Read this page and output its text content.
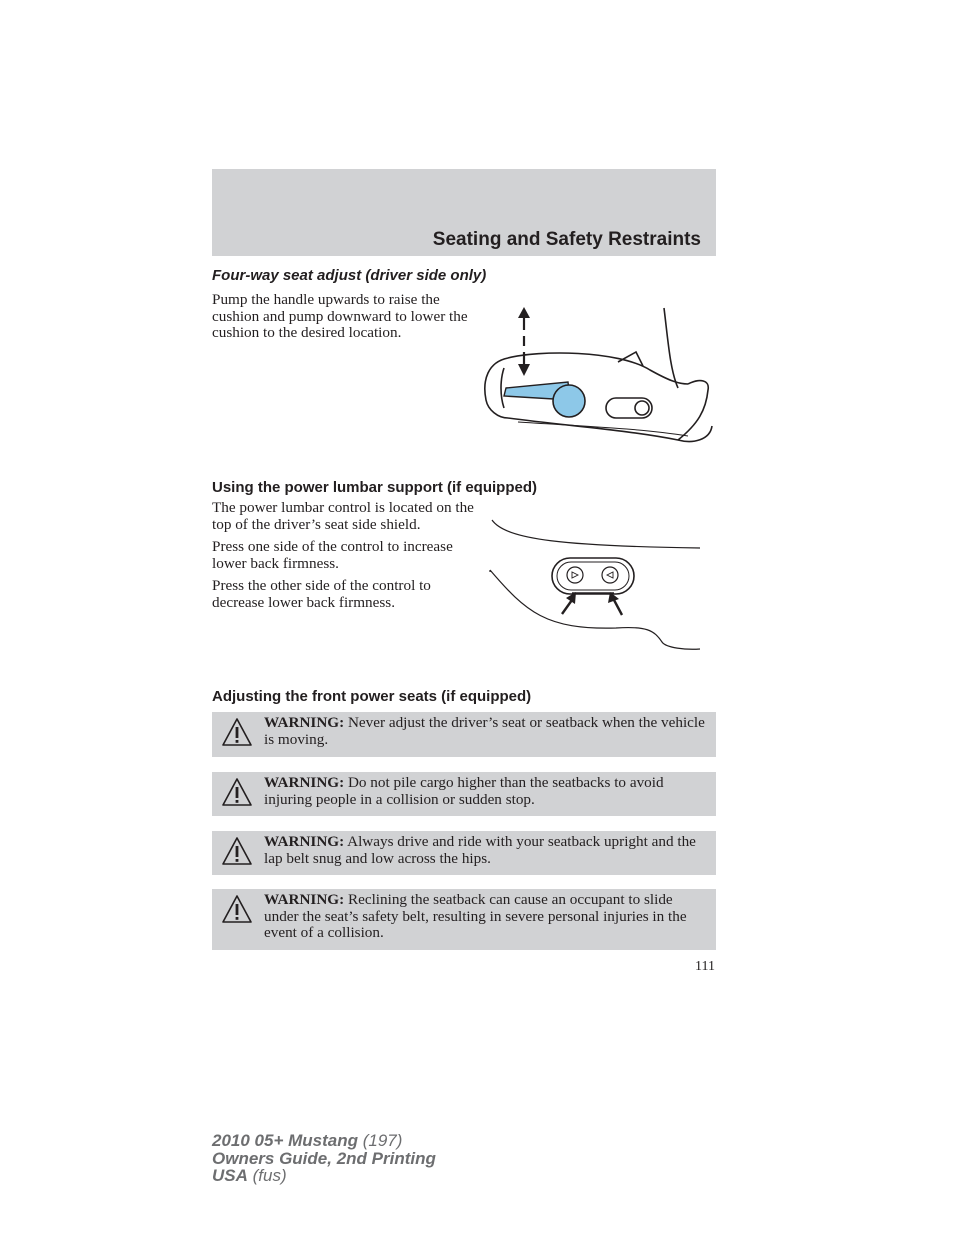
Seating and Safety Restraints
Four-way seat adjust (driver side only)

Pump the handle upwards to raise the cushion and pump downward to lower the cushion to the desired location.

Using the power lumbar support (if equipped)

The power lumbar control is located on the top of the driver’s seat side shield.

Press one side of the control to increase lower back firmness.

Press the other side of the control to decrease lower back firmness.

Adjusting the front power seats (if equipped)
WARNING: Never adjust the driver’s seat or seatback when the vehicle is moving.
WARNING: Do not pile cargo higher than the seatbacks to avoid injuring people in a collision or sudden stop.
WARNING: Always drive and ride with your seatback upright and the lap belt snug and low across the hips.
WARNING: Reclining the seatback can cause an occupant to slide under the seat’s safety belt, resulting in severe personal injuries in the event of a collision.
111
2010 05+ Mustang (197)
Owners Guide, 2nd Printing
USA (fus)
